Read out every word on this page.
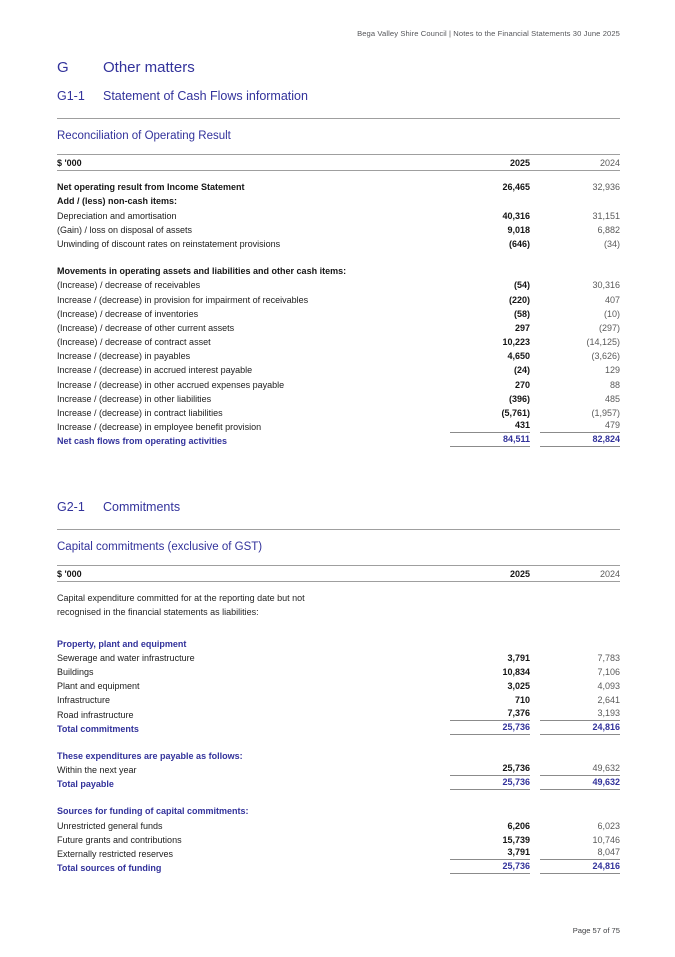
Bega Valley Shire Council | Notes to the Financial Statements 30 June 2025
G	Other matters
G1-1	Statement of Cash Flows information
Reconciliation of Operating Result
$ '000	2025	2024
Net operating result from Income Statement	26,465	32,936
Add / (less) non-cash items:
Depreciation and amortisation	40,316	31,151
(Gain) / loss on disposal of assets	9,018	6,882
Unwinding of discount rates on reinstatement provisions	(646)	(34)
Movements in operating assets and liabilities and other cash items:
(Increase) / decrease of receivables	(54)	30,316
Increase / (decrease) in provision for impairment of receivables	(220)	407
(Increase) / decrease of inventories	(58)	(10)
(Increase) / decrease of other current assets	297	(297)
(Increase) / decrease of contract asset	10,223	(14,125)
Increase / (decrease) in payables	4,650	(3,626)
Increase / (decrease) in accrued interest payable	(24)	129
Increase / (decrease) in other accrued expenses payable	270	88
Increase / (decrease) in other liabilities	(396)	485
Increase / (decrease) in contract liabilities	(5,761)	(1,957)
Increase / (decrease) in employee benefit provision	431	479
Net cash flows from operating activities	84,511	82,824
G2-1	Commitments
Capital commitments (exclusive of GST)
$ '000	2025	2024
Capital expenditure committed for at the reporting date but not
recognised in the financial statements as liabilities:
Property, plant and equipment
Sewerage and water infrastructure	3,791	7,783
Buildings	10,834	7,106
Plant and equipment	3,025	4,093
Infrastructure	710	2,641
Road infrastructure	7,376	3,193
Total commitments	25,736	24,816
These expenditures are payable as follows:
Within the next year	25,736	49,632
Total payable	25,736	49,632
Sources for funding of capital commitments:
Unrestricted general funds	6,206	6,023
Future grants and contributions	15,739	10,746
Externally restricted reserves	3,791	8,047
Total sources of funding	25,736	24,816
Page 57 of 75
